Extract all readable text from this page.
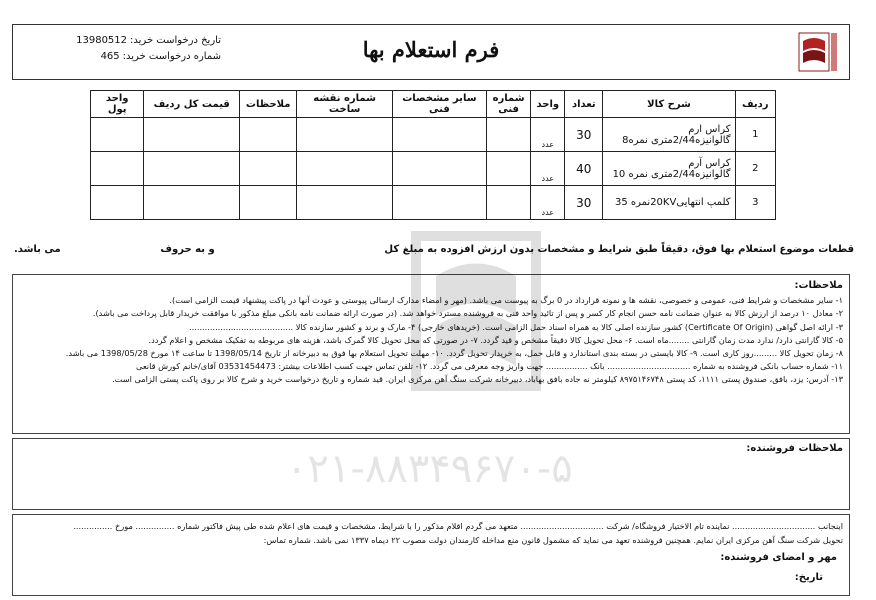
تاریخ درخواست خرید:
13980512
شماره درخواست خرید:
465	فرم استعلام بها
ردیف	شرح کالا	تعداد	واحد	شماره فنی	سایر مشخصات فنی	شماره نقشه ساخت	ملاحظات	قیمت کل ردیف	واحد پول
1	کراس ارم گالوانیزه2/44متری نمره8	30	عدد						
2	کراس آرم گالوانیزه2/44متری نمره 10	40	عدد						
3	کلمپ انتهایی20KVنمره 35	30	عدد						
قطعات موضوع استعلام بها فوق، دقیقاً طبق شرایط و مشخصات بدون ارزش افزوده به مبلغ کل
و به حروف
می باشد.
ملاحظات:
۱- سایر مشخصات و شرایط فنی، عمومی و خصوصی، نقشه ها و نمونه قرارداد در 0 برگ به پیوست می باشد. (مهر و امضاء مدارک ارسالی پیوستی و عودت آنها در پاکت پیشنهاد قیمت الزامی است).
۲- معادل ۱۰ درصد از ارزش کالا به عنوان ضمانت نامه حسن انجام کار کسر و پس از تائید واحد فنی به فروشنده مسترد خواهد شد. (در صورت ارائه ضمانت نامه بانکی مبلغ مذکور با موافقت خریدار قابل پرداخت می باشد).
۳- ارائه اصل گواهی (Certificate Of Origin) کشور سازنده اصلی کالا به همراه اسناد حمل الزامی است. (خریدهای خارجی) ۴- مارک و برند و کشور سازنده کالا ........................................
۵- کالا گارانتی دارد/ ندارد مدت زمان گارانتی ........ماه است. ۶- محل تحویل کالا دقیقاً مشخص و قید گردد. ۷- در صورتی که محل تحویل کالا گمرک باشد، هزینه های مربوطه به تفکیک مشخص و اعلام گردد.
۸- زمان تحویل کالا .........روز کاری است. ۹- کالا بایستی در بسته بندی استاندارد و قابل حمل، به خریدار تحویل گردد. ۱۰- مهلت تحویل استعلام بها فوق به دبیرخانه از تاریخ 1398/05/14 تا ساعت ۱۴ مورخ 1398/05/28 می باشد.
۱۱- شماره حساب بانکی فروشنده به شماره ................................ بانک ................ جهت واریز وجه معرفی می گردد. ۱۲- تلفن تماس جهت کسب اطلاعات بیشتر: 03531454473 آقای/خانم کورش قانعی
۱۳- آدرس: یزد، بافق، صندوق پستی ۱۱۱۱، کد پستی ۸۹۷۵۱۴۶۷۴۸ کیلومتر نه جاده بافق بهاباد، دبیرخانه شرکت سنگ آهن مرکزی ایران. قید شماره و تاریخ درخواست خرید و شرح کالا بر روی پاکت پستی الزامی است.
ملاحظات فروشنده:
اینجانب ................................ نماینده تام الاختیار فروشگاه/ شرکت ................................ متعهد می گردم اقلام مذکور را با شرایط، مشخصات و قیمت های اعلام شده طی پیش فاکتور شماره ............... مورخ ...............
تحویل شرکت سنگ آهن مرکزی ایران نمایم. همچنین فروشنده تعهد می نماید که مشمول قانون منع مداخله کارمندان دولت مصوب ۲۲ دیماه ۱۳۳۷ نمی باشد. شماره تماس:
مهر و امضای فروشنده:
تاریخ:
۰۲۱-۸۸۳۴۹۶۷۰-۵
